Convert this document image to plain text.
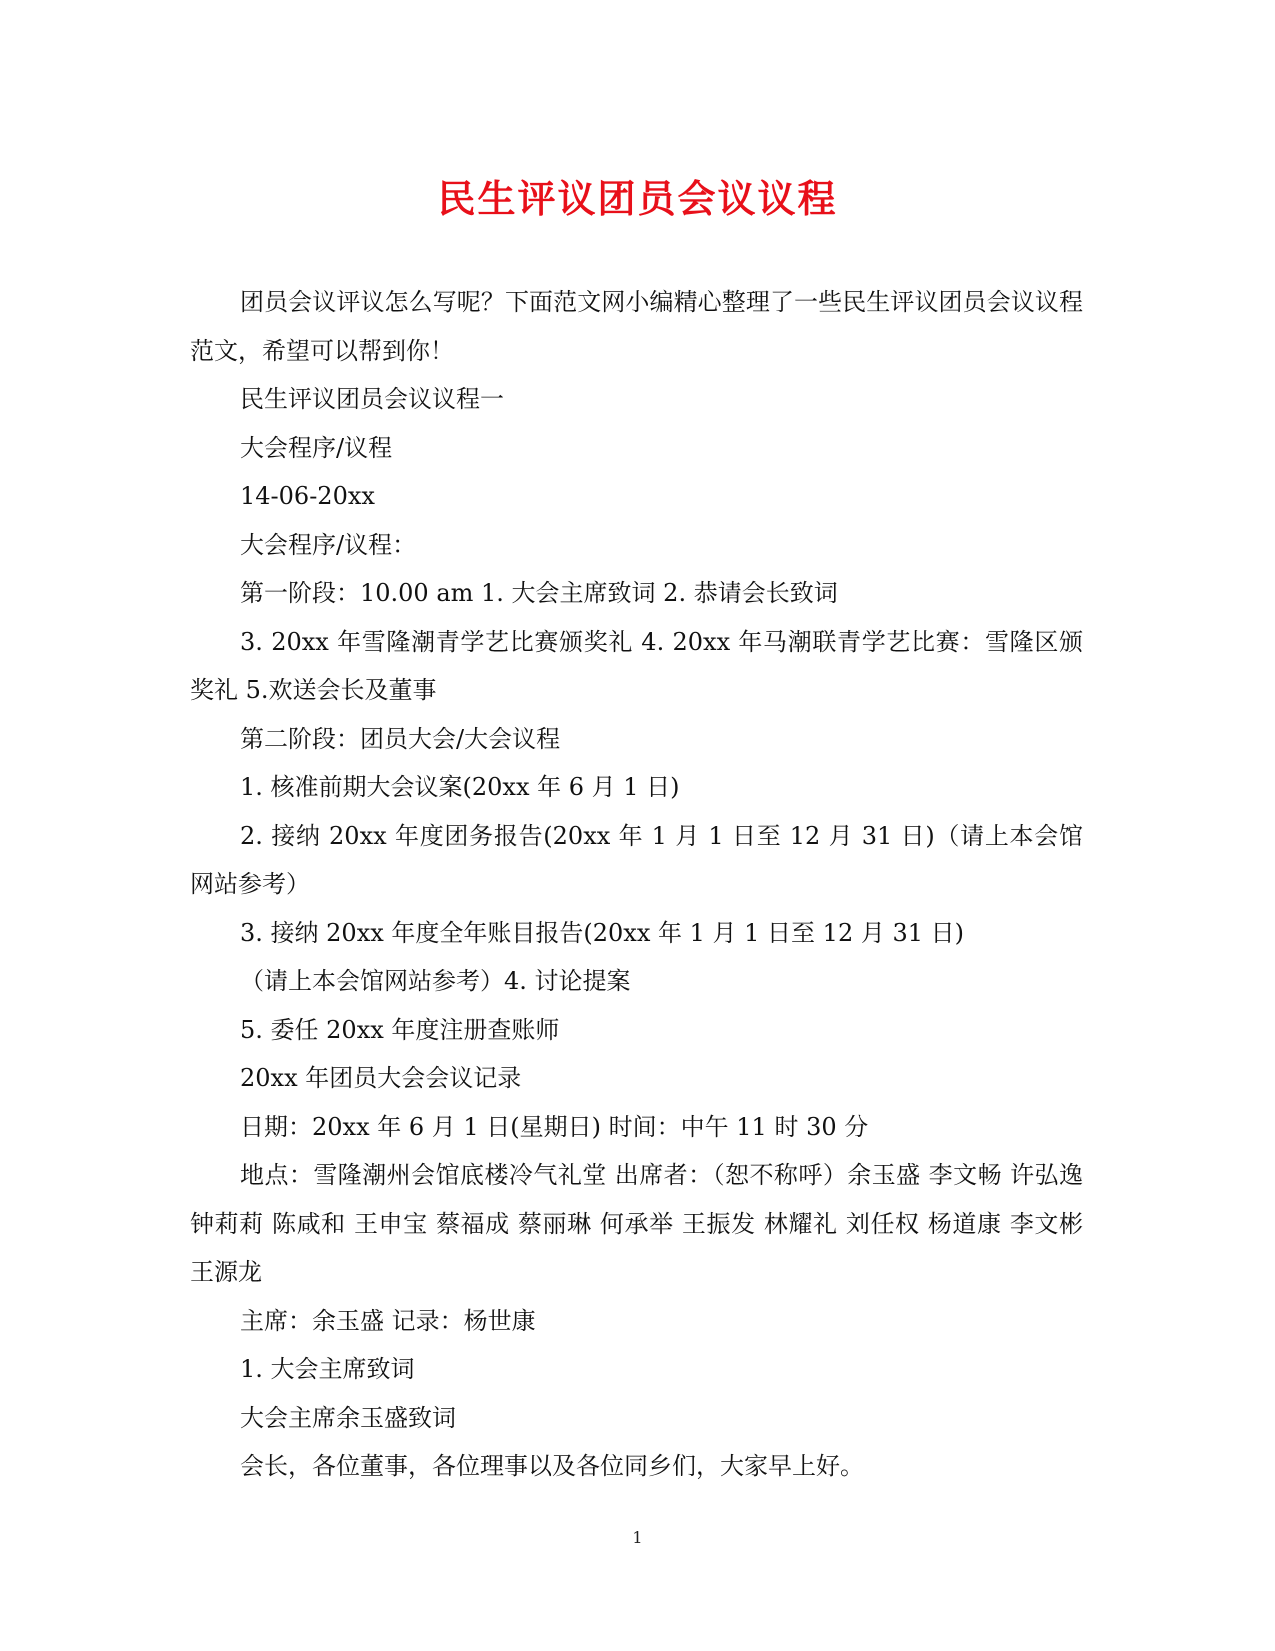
民生评议团员会议议程

团员会议评议怎么写呢？下面范文网小编精心整理了一些民生评议团员会议议程范文，希望可以帮到你！

民生评议团员会议议程一

大会程序/议程

14-06-20xx

大会程序/议程：

第一阶段：10.00 am 1. 大会主席致词 2. 恭请会长致词

3. 20xx 年雪隆潮青学艺比赛颁奖礼 4. 20xx 年马潮联青学艺比赛：雪隆区颁奖礼 5.欢送会长及董事

第二阶段：团员大会/大会议程

1. 核准前期大会议案(20xx 年 6 月 1 日)

2. 接纳 20xx 年度团务报告(20xx 年 1 月 1 日至 12 月 31 日)（请上本会馆网站参考）

3. 接纳 20xx 年度全年账目报告(20xx 年 1 月 1 日至 12 月 31 日)

（请上本会馆网站参考）4. 讨论提案

5. 委任 20xx 年度注册查账师

20xx 年团员大会会议记录

日期：20xx 年 6 月 1 日(星期日) 时间：中午 11 时 30 分

地点：雪隆潮州会馆底楼冷气礼堂 出席者：（恕不称呼）余玉盛 李文畅 许弘逸 钟莉莉 陈咸和 王申宝 蔡福成 蔡丽琳 何承举 王振发 林耀礼 刘任权 杨道康 李文彬 王源龙

主席：余玉盛 记录：杨世康

1. 大会主席致词

大会主席余玉盛致词

会长，各位董事，各位理事以及各位同乡们，大家早上好。

1
